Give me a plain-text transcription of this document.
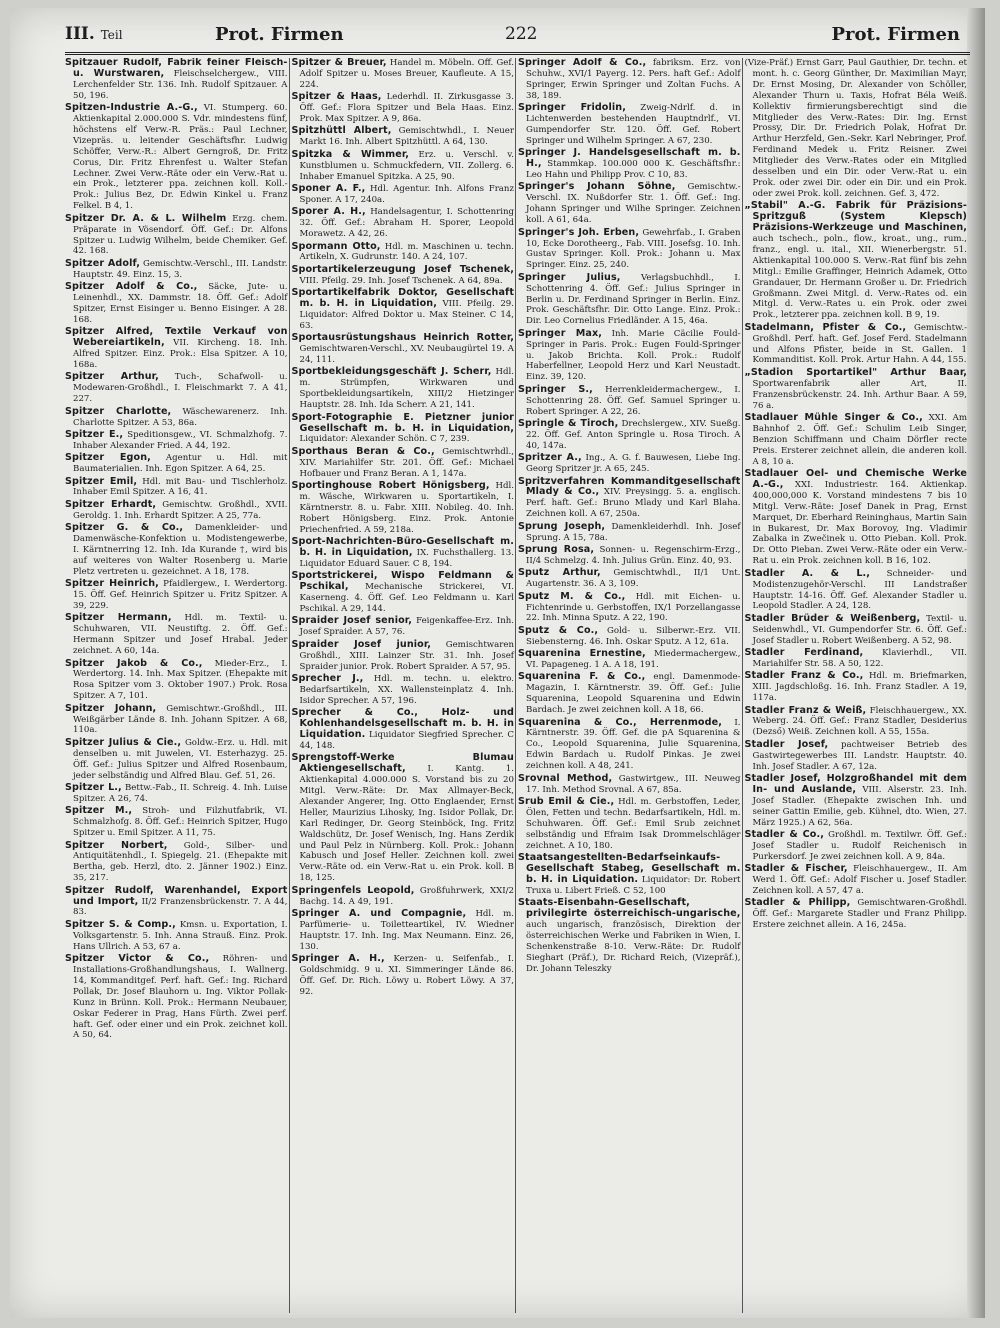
III. Teil	Prot. Firmen	222	Prot. Firmen

Spitzauer Rudolf, Fabrik feiner Fleisch- u. Wurstwaren, Fleischselchergew., VIII. Lerchenfelder Str. 136. Inh. Rudolf Spitzauer. A 50, 196.

Spitzen-Industrie A.-G., VI. Stumperg. 60. Aktienkapital 2.000.000 S. Vdr. mindestens fünf, höchstens elf Verw.-R. Präs.: Paul Lechner, Vizepräs. u. leitender Geschäftsfhr. Ludwig Schöffer, Verw.-R.: Albert Gerngroß, Dr. Fritz Corus, Dir. Fritz Ehrenfest u. Walter Stefan Lechner. Zwei Verw.-Räte oder ein Verw.-Rat u. ein Prok., letzterer ppa. zeichnen koll. Koll.-Prok.: Julius Bez, Dr. Edwin Kinkel u. Franz Felkel. B 4, 1.

Spitzer Dr. A. & L. Wilhelm Erzg. chem. Präparate in Vösendorf. Öff. Gef.: Dr. Alfons Spitzer u. Ludwig Wilhelm, beide Chemiker. Gef. 42. 168.

Spitzer Adolf, Gemischtw.-Verschl., III. Landstr. Hauptstr. 49. Einz. 15, 3.

Spitzer Adolf & Co., Säcke, Jute- u. Leinenhdl., XX. Dammstr. 18. Öff. Gef.: Adolf Spitzer, Ernst Eisinger u. Benno Eisinger. A 28. 168.

Spitzer Alfred, Textile Verkauf von Webereiartikeln, VII. Kircheng. 18. Inh. Alfred Spitzer. Einz. Prok.: Elsa Spitzer. A 10, 168a.

Spitzer Arthur, Tuch-, Schafwoll- u. Modewaren-Großhdl., I. Fleischmarkt 7. A 41, 227.

Spitzer Charlotte, Wäschewarenerz. Inh. Charlotte Spitzer. A 53, 86a.

Spitzer E., Speditionsgew., VI. Schmalzhofg. 7. Inhaber Alexander Fried. A 44, 192.

Spitzer Egon, Agentur u. Hdl. mit Baumaterialien. Inh. Egon Spitzer. A 64, 25.

Spitzer Emil, Hdl. mit Bau- und Tischlerholz. Inhaber Emil Spitzer. A 16, 41.

Spitzer Erhardt, Gemischtw. Großhdl., XVII. Geroldg. 1. Inh. Erhardt Spitzer. A 25, 77a.

Spitzer G. & Co., Damenkleider- und Damenwäsche-Konfektion u. Modistengewerbe, I. Kärntnerring 12. Inh. Ida Kurande †, wird bis auf weiteres von Walter Rosenberg u. Marie Pletz vertreten u. gezeichnet. A 18, 178.

Spitzer Heinrich, Pfaidlergew., I. Werdertorg. 15. Öff. Gef. Heinrich Spitzer u. Fritz Spitzer. A 39, 229.

Spitzer Hermann, Hdl. m. Textil- u. Schuhwaren, VII. Neustiftg. 2. Öff. Gef.: Hermann Spitzer und Josef Hrabal. Jeder zeichnet. A 60, 14a.

Spitzer Jakob & Co., Mieder-Erz., I. Werdertorg. 14. Inh. Max Spitzer. (Ehepakte mit Rosa Spitzer vom 3. Oktober 1907.) Prok. Rosa Spitzer. A 7, 101.

Spitzer Johann, Gemischtwr.-Großhdl., III. Weißgärber Lände 8. Inh. Johann Spitzer. A 68, 110a.

Spitzer Julius & Cie., Goldw.-Erz. u. Hdl. mit denselben u. mit Juwelen, VI. Esterhazyg. 25. Öff. Gef.: Julius Spitzer und Alfred Rosenbaum, jeder selbständig und Alfred Blau. Gef. 51, 26.

Spitzer L., Bettw.-Fab., II. Schreig. 4. Inh. Luise Spitzer. A 26, 74.

Spitzer M., Stroh- und Filzhutfabrik, VI. Schmalzhofg. 8. Öff. Gef.: Heinrich Spitzer, Hugo Spitzer u. Emil Spitzer. A 11, 75.

Spitzer Norbert, Gold-, Silber- und Antiquitätenhdl., I. Spiegelg. 21. (Ehepakte mit Bertha, geb. Herzl, dto. 2. Jänner 1902.) Einz. 35, 217.

Spitzer Rudolf, Warenhandel, Export und Import, II/2 Franzensbrückenstr. 7. A 44, 83.

Spitzer S. & Comp., Kmsn. u. Exportation, I. Volksgartenstr. 5. Inh. Anna Strauß. Einz. Prok. Hans Ullrich. A 53, 67 a.

Spitzer Victor & Co., Röhren- und Installations-Großhandlungshaus, I. Wallnerg. 14, Kommanditgef. Perf. haft. Gef.: Ing. Richard Pollak, Dr. Josef Blauhorn u. Ing. Viktor Pollak-Kunz in Brünn. Koll. Prok.: Hermann Neubauer, Oskar Federer in Prag, Hans Fürth. Zwei perf. haft. Gef. oder einer und ein Prok. zeichnet koll. A 50, 64.

Spitzer & Breuer, Handel m. Möbeln. Öff. Gef. Adolf Spitzer u. Moses Breuer, Kaufleute. A 15, 224.

Spitzer & Haas, Lederhdl. II. Zirkusgasse 3. Öff. Gef.: Flora Spitzer und Bela Haas. Einz. Prok. Max Spitzer. A 9, 86a.

Spitzhüttl Albert, Gemischtwhdl., I. Neuer Markt 16. Inh. Albert Spitzhüttl. A 64, 130.

Spitzka & Wimmer, Erz. u. Verschl. v. Kunstblumen u. Schmuckfedern, VII. Zollerg. 6. Inhaber Emanuel Spitzka. A 25, 90.

Sponer A. F., Hdl. Agentur. Inh. Alfons Franz Sponer. A 17, 240a.

Sporer A. H., Handelsagentur, I. Schottenring 32. Öff. Gef.: Abraham H. Sporer, Leopold Morawetz. A 42, 26.

Spormann Otto, Hdl. m. Maschinen u. techn. Artikeln, X. Gudrunstr. 140. A 24, 107.

Sportartikelerzeugung Josef Tschenek, VIII. Pfeilg. 29. Inh. Josef Tschenek. A 64, 89a.

Sportartikelfabrik Doktor, Gesellschaft m. b. H. in Liquidation, VIII. Pfeilg. 29. Liquidator: Alfred Doktor u. Max Steiner. C 14, 63.

Sportausrüstungshaus Heinrich Rotter, Gemischtwaren-Verschl., XV. Neubaugürtel 19. A 24, 111.

Sportbekleidungsgeschäft J. Scherr, Hdl. m. Strümpfen, Wirkwaren und Sportbekleidungsartikeln, XIII/2 Hietzinger Hauptstr. 28. Inh. Ida Scherr. A 21, 141.

Sport-Fotographie E. Pietzner junior Gesellschaft m. b. H. in Liquidation, Liquidator: Alexander Schön. C 7, 239.

Sporthaus Beran & Co., Gemischtwrhdl., XIV. Mariahilfer Str. 201. Öff. Gef.: Michael Hofbauer und Franz Beran. A 1, 147a.

Sportinghouse Robert Hönigsberg, Hdl. m. Wäsche, Wirkwaren u. Sportartikeln, I. Kärntnerstr. 8. u. Fabr. XIII. Nobileg. 40. Inh. Robert Hönigsberg. Einz. Prok. Antonie Priechenfried. A 59, 218a.

Sport-Nachrichten-Büro-Gesellschaft m. b. H. in Liquidation, IX. Fuchsthallerg. 13. Liquidator Eduard Sauer. C 8, 194.

Sportstrickerei, Wispo Feldmann & Pschikal, Mechanische Strickerei, VI. Kaserneng. 4. Öff. Gef. Leo Feldmann u. Karl Pschikal. A 29, 144.

Spraider Josef senior, Feigenkaffee-Erz. Inh. Josef Spraider. A 57, 76.

Spraider Josef junior, Gemischtwaren Großhdl., XIII. Lainzer Str. 31. Inh. Josef Spraider junior. Prok. Robert Spraider. A 57, 95.

Sprecher J., Hdl. m. techn. u. elektro. Bedarfsartikeln, XX. Wallensteinplatz 4. Inh. Isidor Sprecher. A 57, 196.

Sprecher & Co., Holz- und Kohlenhandelsgesellschaft m. b. H. in Liquidation. Liquidator Siegfried Sprecher. C 44, 148.

Sprengstoff-Werke Blumau Aktiengesellschaft,	I. Kantg. 1. Aktienkapital 4.000.000 S. Vorstand bis zu 20 Mitgl. Verw.-Räte: Dr. Max Allmayer-Beck, Alexander Angerer, Ing. Otto Englaender, Ernst Heller, Maurizius Lihosky, Ing. Isidor Pollak, Dr. Karl Redinger, Dr. Georg Steinböck, Ing. Fritz Waldschütz, Dr. Josef Wenisch, Ing. Hans Zerdik und Paul Pelz in Nürnberg. Koll. Prok.: Johann Kabusch und Josef Heller. Zeichnen koll. zwei Verw.-Räte od. ein Verw.-Rat u. ein Prok. koll. B 18, 125.

Springenfels Leopold, Großfuhrwerk, XXI/2 Bachg. 14. A 49, 191.

Springer A. und Compagnie, Hdl. m. Parfümerie- u. Toiletteartikel, IV. Wiedner Hauptstr. 17. Inh. Ing. Max Neumann. Einz. 26, 130.

Springer A. H., Kerzen- u. Seifenfab., I. Goldschmidg. 9 u. XI. Simmeringer Lände 86. Öff. Gef. Dr. Rich. Löwy u. Robert Löwy. A 37, 92.

Springer Adolf & Co., fabriksm. Erz. von Schuhw., XVI/1 Payerg. 12. Pers. haft Gef.: Adolf Springer, Erwin Springer und Zoltan Fuchs. A 38, 189.

Springer Fridolin, Zweig-Ndrlf. d. in Lichtenwerden bestehenden Hauptndrlf., VI. Gumpendorfer Str. 120. Öff. Gef. Robert Springer und Wilhelm Springer. A 67, 230.

Springer J. Handelsgesellschaft m. b. H., Stammkap. 100.000 000 K. Geschäftsfhr.: Leo Hahn und Philipp Prov. C 10, 83.

Springer's Johann Söhne, Gemischtw.-Verschl. IX. Nußdorfer Str. 1. Öff. Gef.: Ing. Johann Springer und Wilhe Springer. Zeichnen koll. A 61, 64a.

Springer's Joh. Erben, Gewehrfab., I. Graben 10, Ecke Dorotheerg., Fab. VIII. Josefsg. 10. Inh. Gustav Springer. Koll. Prok.: Johann u. Max Springer. Einz. 25, 240.

Springer Julius, Verlagsbuchhdl., I. Schottenring 4. Öff. Gef.: Julius Springer in Berlin u. Dr. Ferdinand Springer in Berlin. Einz. Prok. Geschäftsfhr. Dir. Otto Lange. Einz. Prok.: Dir. Leo Cornelius Friedländer. A 15, 46a.

Springer Max, Inh. Marie Cäcilie Fould-Springer in Paris. Prok.: Eugen Fould-Springer u. Jakob Brichta. Koll. Prok.: Rudolf Haberfellner, Leopold Herz und Karl Neustadt. Einz. 39, 120.

Springer S., Herrenkleidermachergew., I. Schottenring 28. Öff. Gef. Samuel Springer u. Robert Springer. A 22, 26.

Springle & Tiroch, Drechslergew., XIV. Sueßg. 22. Öff. Gef. Anton Springle u. Rosa Tiroch. A 40, 147a.

Spritzer A., Ing., A. G. f. Bauwesen, Liebe Ing. Georg Spritzer jr. A 65, 245.

Spritzverfahren Kommanditgesellschaft Mlady & Co., XIV. Preysingg. 5. a. englisch. Perf. haft. Gef.: Bruno Mlady und Karl Blaha. Zeichnen koll. A 67, 250a.

Sprung Joseph, Damenkleiderhdl. Inh. Josef Sprung. A 15, 78a.

Sprung Rosa, Sonnen- u. Regenschirm-Erzg., II/4 Schmelzg. 4. Inh. Julius Grün. Einz. 40, 93.

Sputz Arthur, Gemischtwhdl., II/1 Unt. Augartenstr. 36. A 3, 109.

Sputz M. & Co., Hdl. mit Eichen- u. Fichtenrinde u. Gerbstoffen, IX/1 Porzellangasse 22. Inh. Minna Sputz. A 22, 190.

Sputz & Co., Gold- u. Silberwr.-Erz. VII. Siebensterng. 46. Inh. Oskar Sputz. A 12, 61a.

Squarenina Ernestine, Miedermachergew., VI. Papageneg. 1 A. A 18, 191.

Squarenina F. & Co., engl. Damenmode-Magazin, I. Kärntnerstr. 39. Öff. Gef.: Julie Squarenina, Leopold Squarenina und Edwin Bardach. Je zwei zeichnen koll. A 18, 66.

Squarenina & Co., Herrenmode, I. Kärntnerstr. 39. Öff. Gef. die pA Squarenina & Co., Leopold Squarenina, Julie Squarenina, Edwin Bardach u. Rudolf Pinkas. Je zwei zeichnen koll. A 48, 241.

Srovnal Method, Gastwirtgew., III. Neuweg 17. Inh. Method Srovnal. A 67, 85a.

Srub Emil & Cie., Hdl. m. Gerbstoffen, Leder, Ölen, Fetten und techn. Bedarfsartikeln, Hdl. m. Schuhwaren. Öff. Gef.: Emil Srub zeichnet selbständig und Efraim Isak Drommelschläger zeichnet. A 10, 180.

Staatsangestellten-Bedarfseinkaufs-Gesellschaft Stabeg, Gesellschaft m. b. H. in Liquidation. Liquidator: Dr. Robert Truxa u. Libert Frieß. C 52, 100

Staats-Eisenbahn-Gesellschaft, privilegirte österreichisch-ungarische, auch ungarisch, französisch, Direktion der österreichischen Werke und Fabriken in Wien, I. Schenkenstraße 8-10. Verw.-Räte: Dr. Rudolf Sieghart (Präf.), Dr. Richard Reich, (Vizepräf.), Dr. Johann Teleszky

(Vize-Präf.) Ernst Garr, Paul Gauthier, Dr. techn. et mont. h. c. Georg Günther, Dr. Maximilian Mayr, Dr. Ernst Mosing, Dr. Alexander von Schöller, Alexander Thurn u. Taxis, Hofrat Béla Weiß. Kollektiv firmierungsberechtigt sind die Mitglieder des Verw.-Rates: Dir. Ing. Ernst Prossy, Dir. Dr. Friedrich Polak, Hofrat Dr. Arthur Herzfeld, Gen.-Sekr. Karl Nebringer, Prof. Ferdinand Medek u. Fritz Reisner. Zwei Mitglieder des Verw.-Rates oder ein Mitglied desselben und ein Dir. oder Verw.-Rat u. ein Prok. oder zwei Dir. oder ein Dir. und ein Prok. oder zwei Prok. koll. zeichnen. Gef. 3, 472.

„Stabil" A.-G. Fabrik für Präzisions-Spritzguß (System Klepsch) Präzisions-Werkzeuge und Maschinen, auch tschech., poln., flow., kroat., ung., rum., franz., engl. u. ital., XII. Wienerbergstr. 51. Aktienkapital 100.000 S. Verw.-Rat fünf bis zehn Mitgl.: Emilie Graffinger, Heinrich Adamek, Otto Grandauer, Dr. Hermann Großer u. Dr. Friedrich Großmann. Zwei Mitgl. d. Verw.-Rates od. ein Mitgl. d. Verw.-Rates u. ein Prok. oder zwei Prok., letzterer ppa. zeichnen koll. B 9, 19.

Stadelmann, Pfister & Co., Gemischtw.-Großhdl. Perf. haft. Gef. Josef Ferd. Stadelmann und Alfons Pfister, beide in St. Gallen. 1 Kommanditist. Koll. Prok. Artur Hahn. A 44, 155.

„Stadion Sportartikel" Arthur Baar, Sportwarenfabrik aller Art, II. Franzensbrückenstr. 24. Inh. Arthur Baar. A 59, 76 a.

Stadlauer Mühle Singer & Co., XXI. Am Bahnhof 2. Öff. Gef.: Schulim Leib Singer, Benzion Schiffmann und Chaim Dörfler recte Preis. Ersterer zeichnet allein, die anderen koll. A 8, 10 a.

Stadlauer Oel- und Chemische Werke A.-G., XXI. Industriestr. 164. Aktienkap. 400,000,000 K. Vorstand mindestens 7 bis 10 Mitgl. Verw.-Räte: Josef Danek in Prag, Ernst Marquet, Dr. Eberhard Reininghaus, Martin Sain in Bukarest, Dr. Max Borovoy, Ing. Vladimir Zabalka in Zwečinek u. Otto Pieban. Koll. Prok. Dr. Otto Pieban. Zwei Verw.-Räte oder ein Verw.-Rat u. ein Prok. zeichnen koll. B 16, 102.

Stadler A. & L., Schneider- und Modistenzugehör-Verschl. III Landstraßer Hauptstr. 14-16. Öff. Gef. Alexander Stadler u. Leopold Stadler. A 24, 128.

Stadler Brüder & Weißenberg, Textil- u. Seidenwhdl., VI. Gumpendorfer Str. 6. Öff. Gef.: Josef Stadler u. Robert Weißenberg. A 52, 98.

Stadler Ferdinand, Klavierhdl., VII. Mariahilfer Str. 58. A 50, 122.

Stadler Franz & Co., Hdl. m. Briefmarken, XIII. Jagdschloßg. 16. Inh. Franz Stadler. A 19, 117a.

Stadler Franz & Weiß, Fleischhauergew., XX. Weberg. 24. Öff. Gef.: Franz Stadler, Desiderius (Dezső) Weiß. Zeichnen koll. A 55, 155a.

Stadler Josef, pachtweiser Betrieb des Gastwirtegewerbes III. Landstr. Hauptstr. 40. Inh. Josef Stadler. A 67, 12a.

Stadler Josef, Holzgroßhandel mit dem In- und Auslande, VIII. Alserstr. 23. Inh. Josef Stadler. (Ehepakte zwischen Inh. und seiner Gattin Emilie, geb. Kühnel, dto. Wien, 27. März 1925.) A 62, 56a.

Stadler & Co., Großhdl. m. Textilwr. Öff. Gef.: Josef Stadler u. Rudolf Reichenisch in Purkersdorf. Je zwei zeichnen koll. A 9, 84a.

Stadler & Fischer, Fleischhauergew., II. Am Werd 1. Öff. Gef.: Adolf Fischer u. Josef Stadler. Zeichnen koll. A 57, 47 a.

Stadler & Philipp, Gemischtwaren-Großhdl. Öff. Gef.: Margarete Stadler und Franz Philipp. Erstere zeichnet allein. A 16, 245a.
